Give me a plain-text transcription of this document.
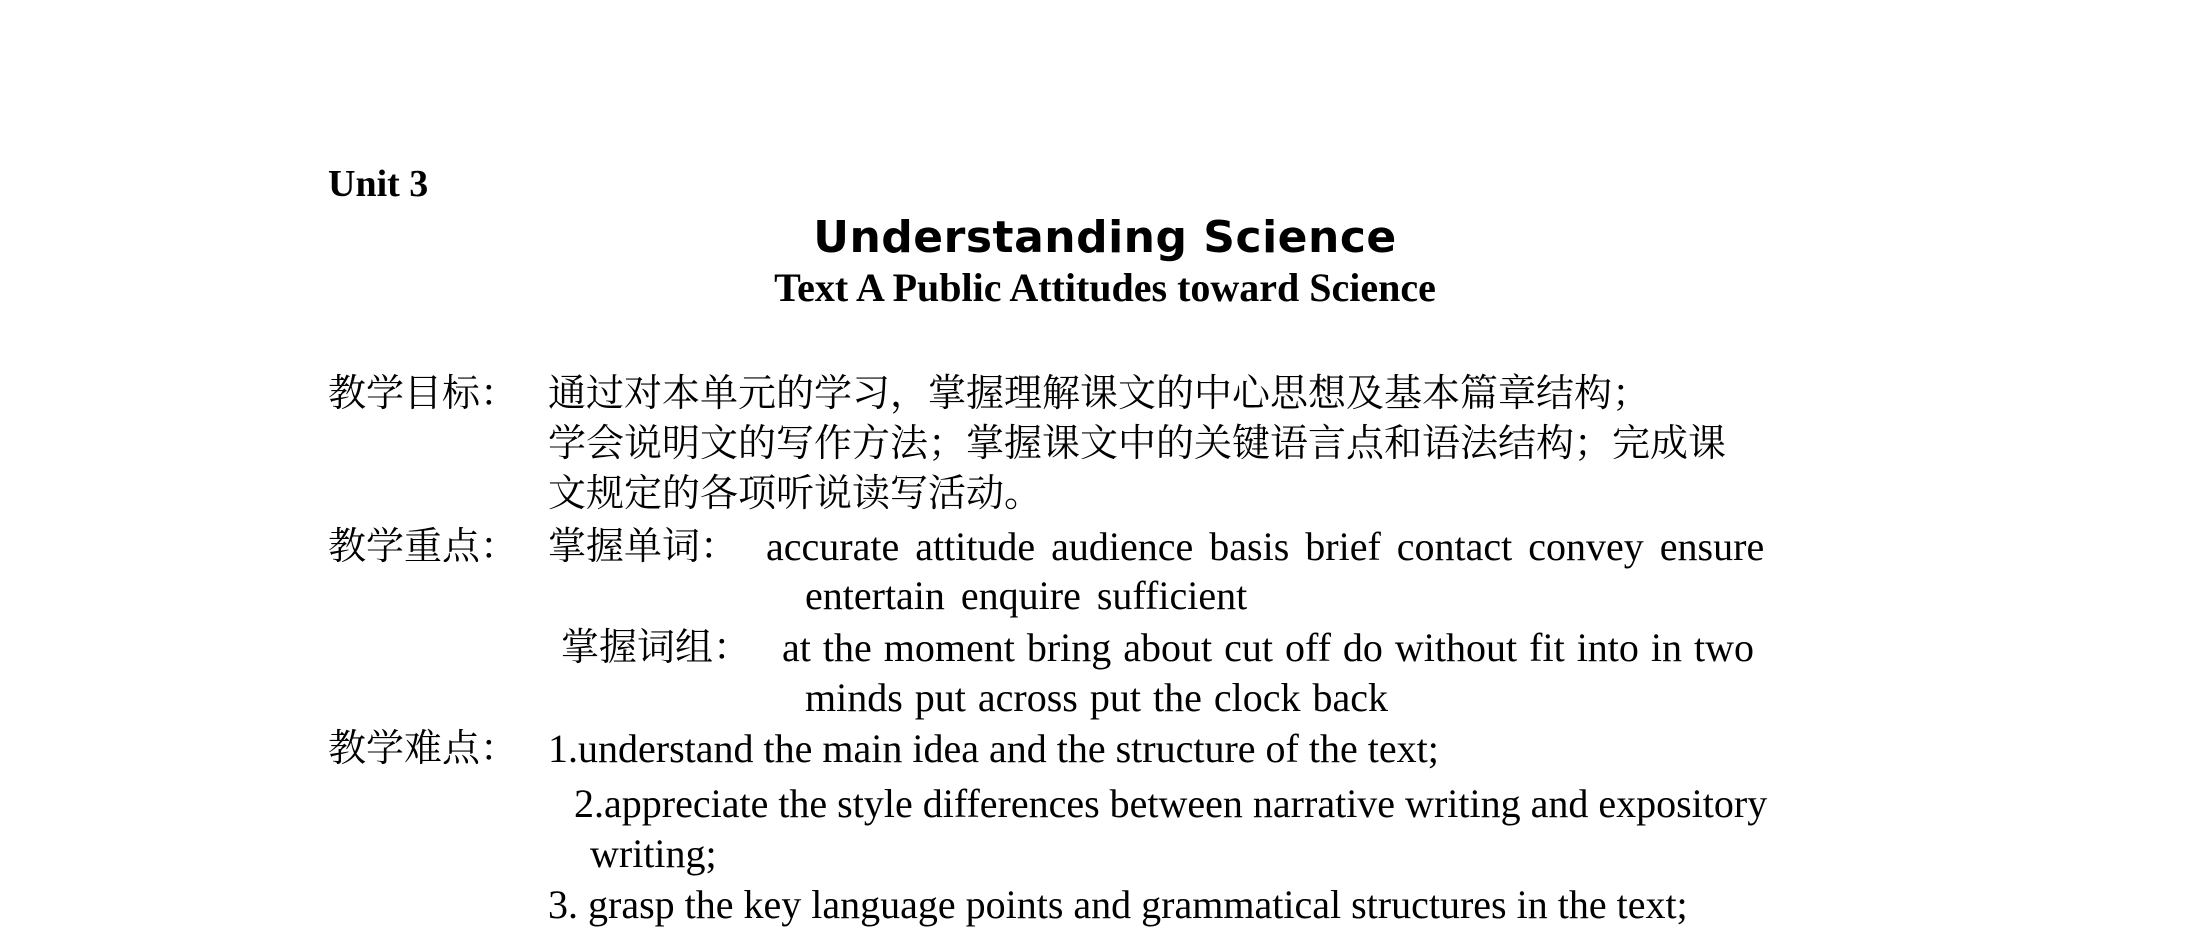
Unit 3
Understanding Science
Text A Public Attitudes toward Science
教学目标： 通过对本单元的学习，掌握理解课文的中心思想及基本篇章结构；
学会说明文的写作方法；掌握课文中的关键语言点和语法结构；完成课
文规定的各项听说读写活动。
教学重点： 掌握单词： accurate attitude audience basis brief contact convey ensure
entertain enquire sufficient
掌握词组： at the moment bring about cut off do without fit into in two
minds put across put the clock back
教学难点： 1.understand the main idea and the structure of the text;
2.appreciate the style differences between narrative writing and expository
writing;
3. grasp the key language points and grammatical structures in the text;
